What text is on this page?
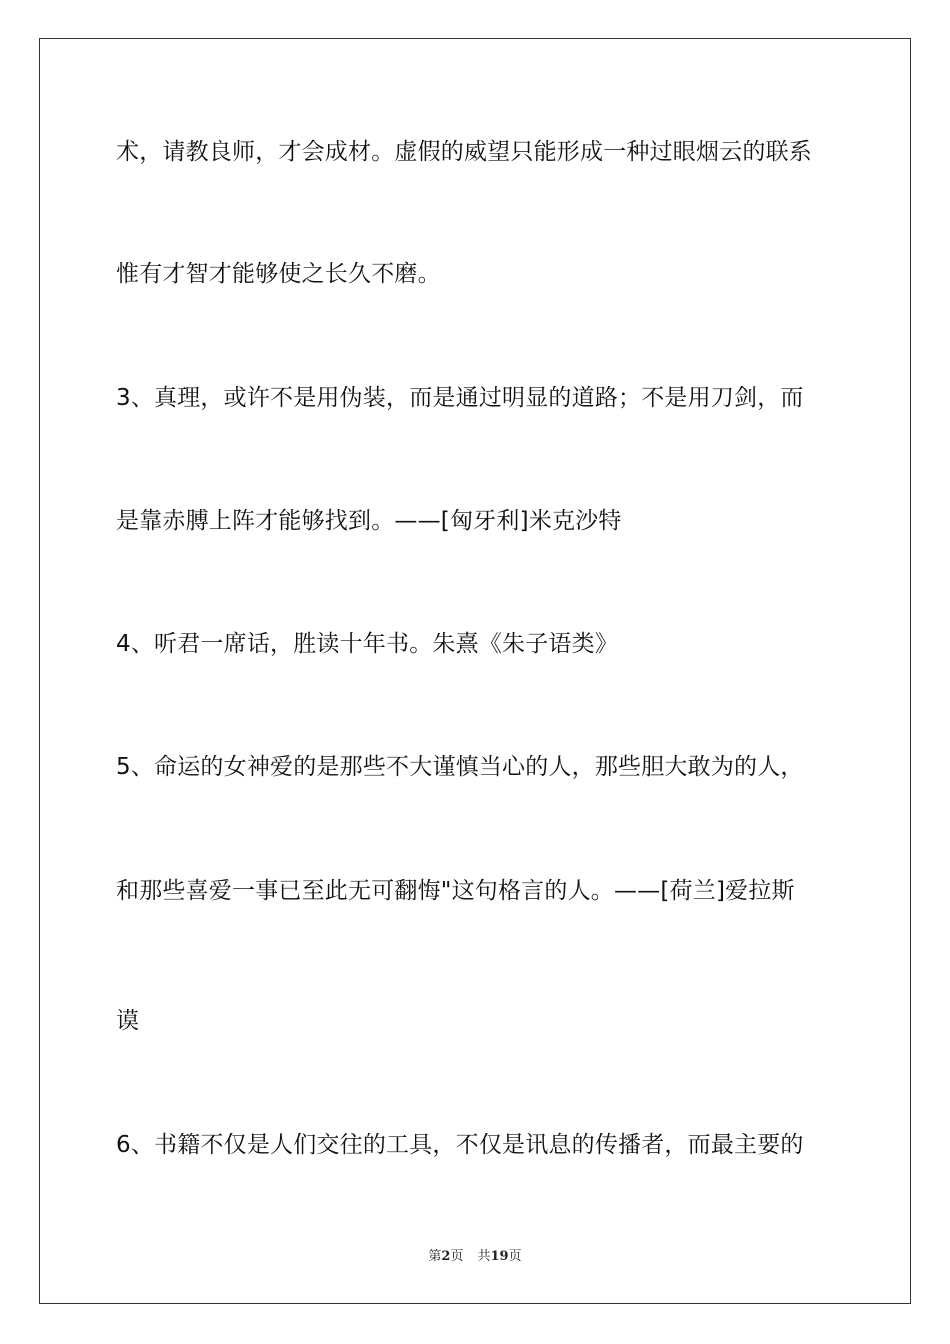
术，请教良师，才会成材。虚假的威望只能形成一种过眼烟云的联系
惟有才智才能够使之长久不磨。
3、真理，或许不是用伪装，而是通过明显的道路；不是用刀剑，而
是靠赤膊上阵才能够找到。——[匈牙利]米克沙特
4、听君一席话，胜读十年书。朱熹《朱子语类》
5、命运的女神爱的是那些不大谨慎当心的人，那些胆大敢为的人，
和那些喜爱一事已至此无可翻悔"这句格言的人。——[荷兰]爱拉斯
谟
6、书籍不仅是人们交往的工具，不仅是讯息的传播者，而最主要的
第2页 共19页
